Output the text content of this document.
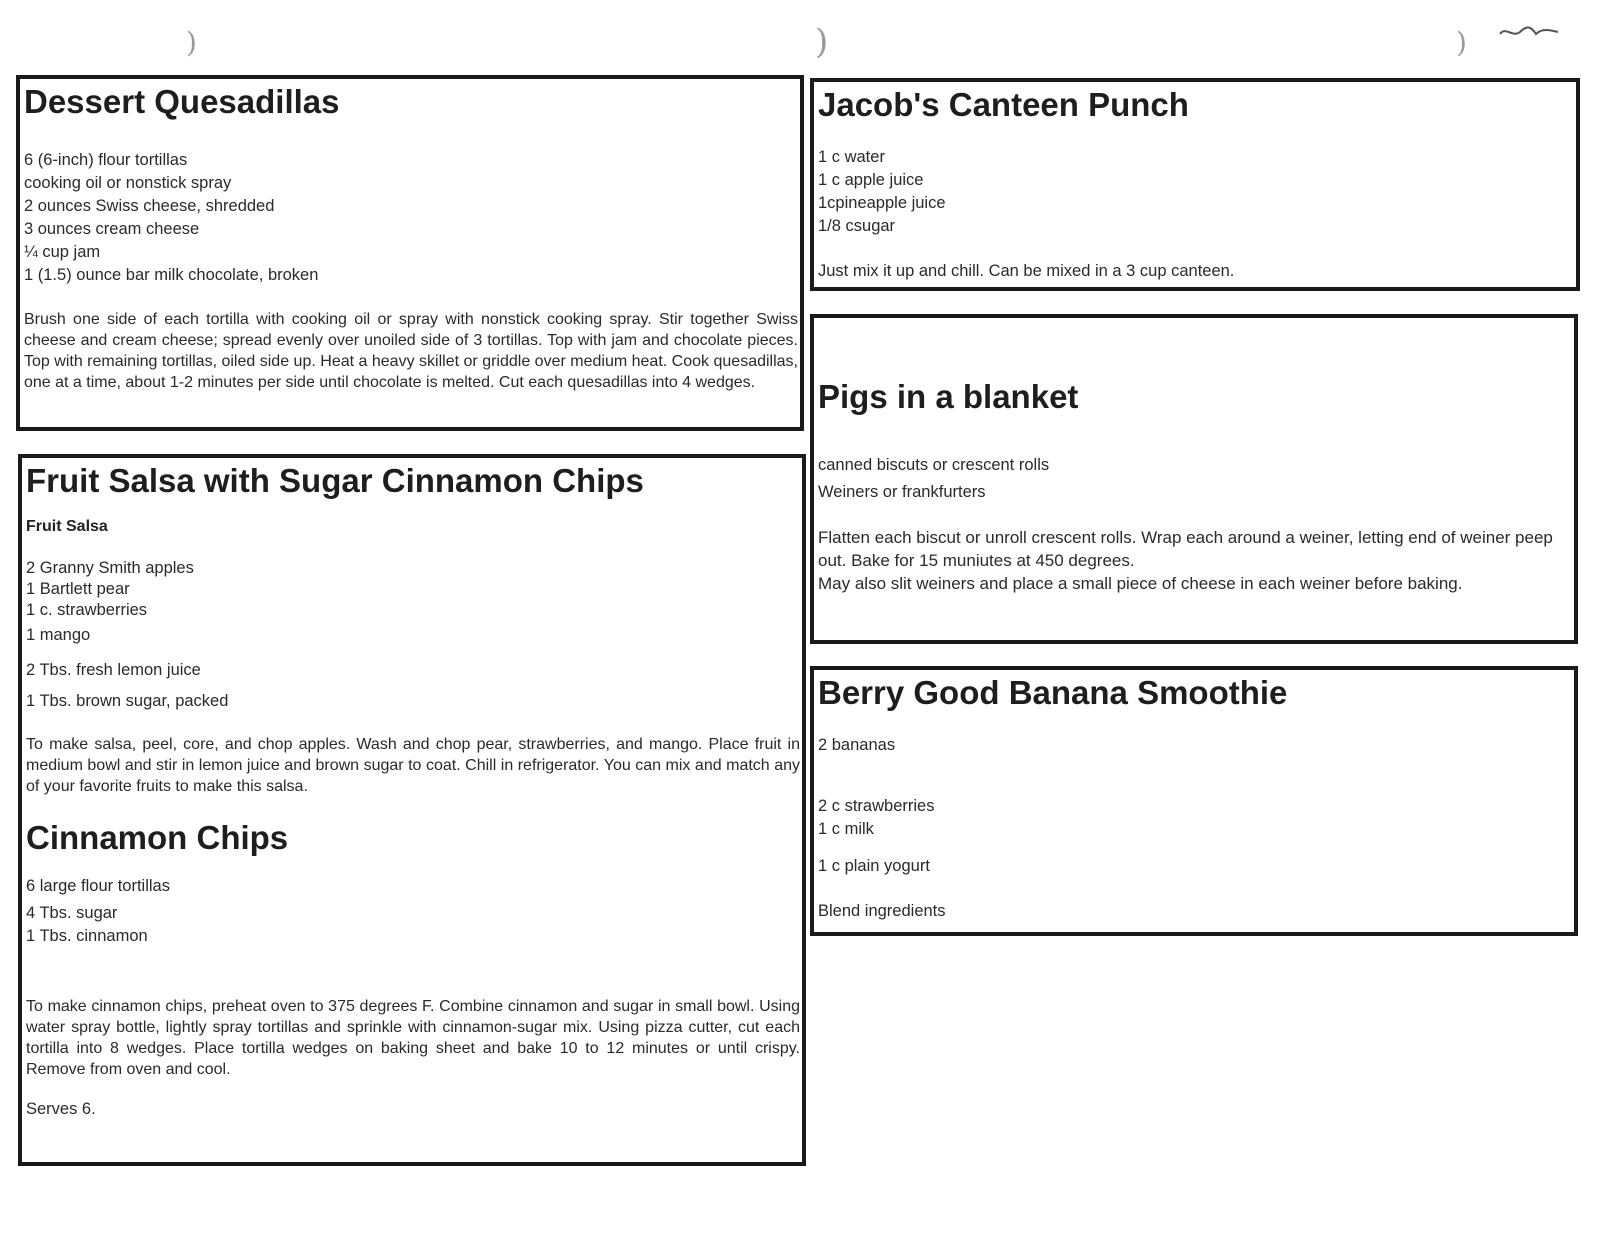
)	)	)
Dessert Quesadillas
6 (6-inch) flour tortillas
cooking oil or nonstick spray
2 ounces Swiss cheese, shredded
3 ounces cream cheese
¼ cup jam
1 (1.5) ounce bar milk chocolate, broken
Brush one side of each tortilla with cooking oil or spray with nonstick cooking spray. Stir together Swiss cheese and cream cheese; spread evenly over unoiled side of 3 tortillas. Top with jam and chocolate pieces. Top with remaining tortillas, oiled side up. Heat a heavy skillet or griddle over medium heat. Cook quesadillas, one at a time, about 1-2 minutes per side until chocolate is melted. Cut each quesadillas into 4 wedges.
Fruit Salsa with Sugar Cinnamon Chips
Fruit Salsa
2 Granny Smith apples
1 Bartlett pear
1 c. strawberries
1 mango
2 Tbs. fresh lemon juice
1 Tbs. brown sugar, packed
To make salsa, peel, core, and chop apples. Wash and chop pear, strawberries, and mango. Place fruit in medium bowl and stir in lemon juice and brown sugar to coat. Chill in refrigerator. You can mix and match any of your favorite fruits to make this salsa.
Cinnamon Chips
6 large flour tortillas
4 Tbs. sugar
1 Tbs. cinnamon
To make cinnamon chips, preheat oven to 375 degrees F. Combine cinnamon and sugar in small bowl. Using water spray bottle, lightly spray tortillas and sprinkle with cinnamon-sugar mix. Using pizza cutter, cut each tortilla into 8 wedges. Place tortilla wedges on baking sheet and bake 10 to 12 minutes or until crispy. Remove from oven and cool.
Serves 6.
Jacob's Canteen Punch
1 c water
1 c apple juice
1cpineapple juice
1/8 csugar
Just mix it up and chill. Can be mixed in a 3 cup canteen.
Pigs in a blanket
canned biscuts or crescent rolls
Weiners or frankfurters
Flatten each biscut or unroll crescent rolls. Wrap each around a weiner, letting end of weiner peep out. Bake for 15 muniutes at 450 degrees.
May also slit weiners and place a small piece of cheese in each weiner before baking.
Berry Good Banana Smoothie
2 bananas
2 c strawberries
1 c milk
1 c plain yogurt
Blend ingredients
